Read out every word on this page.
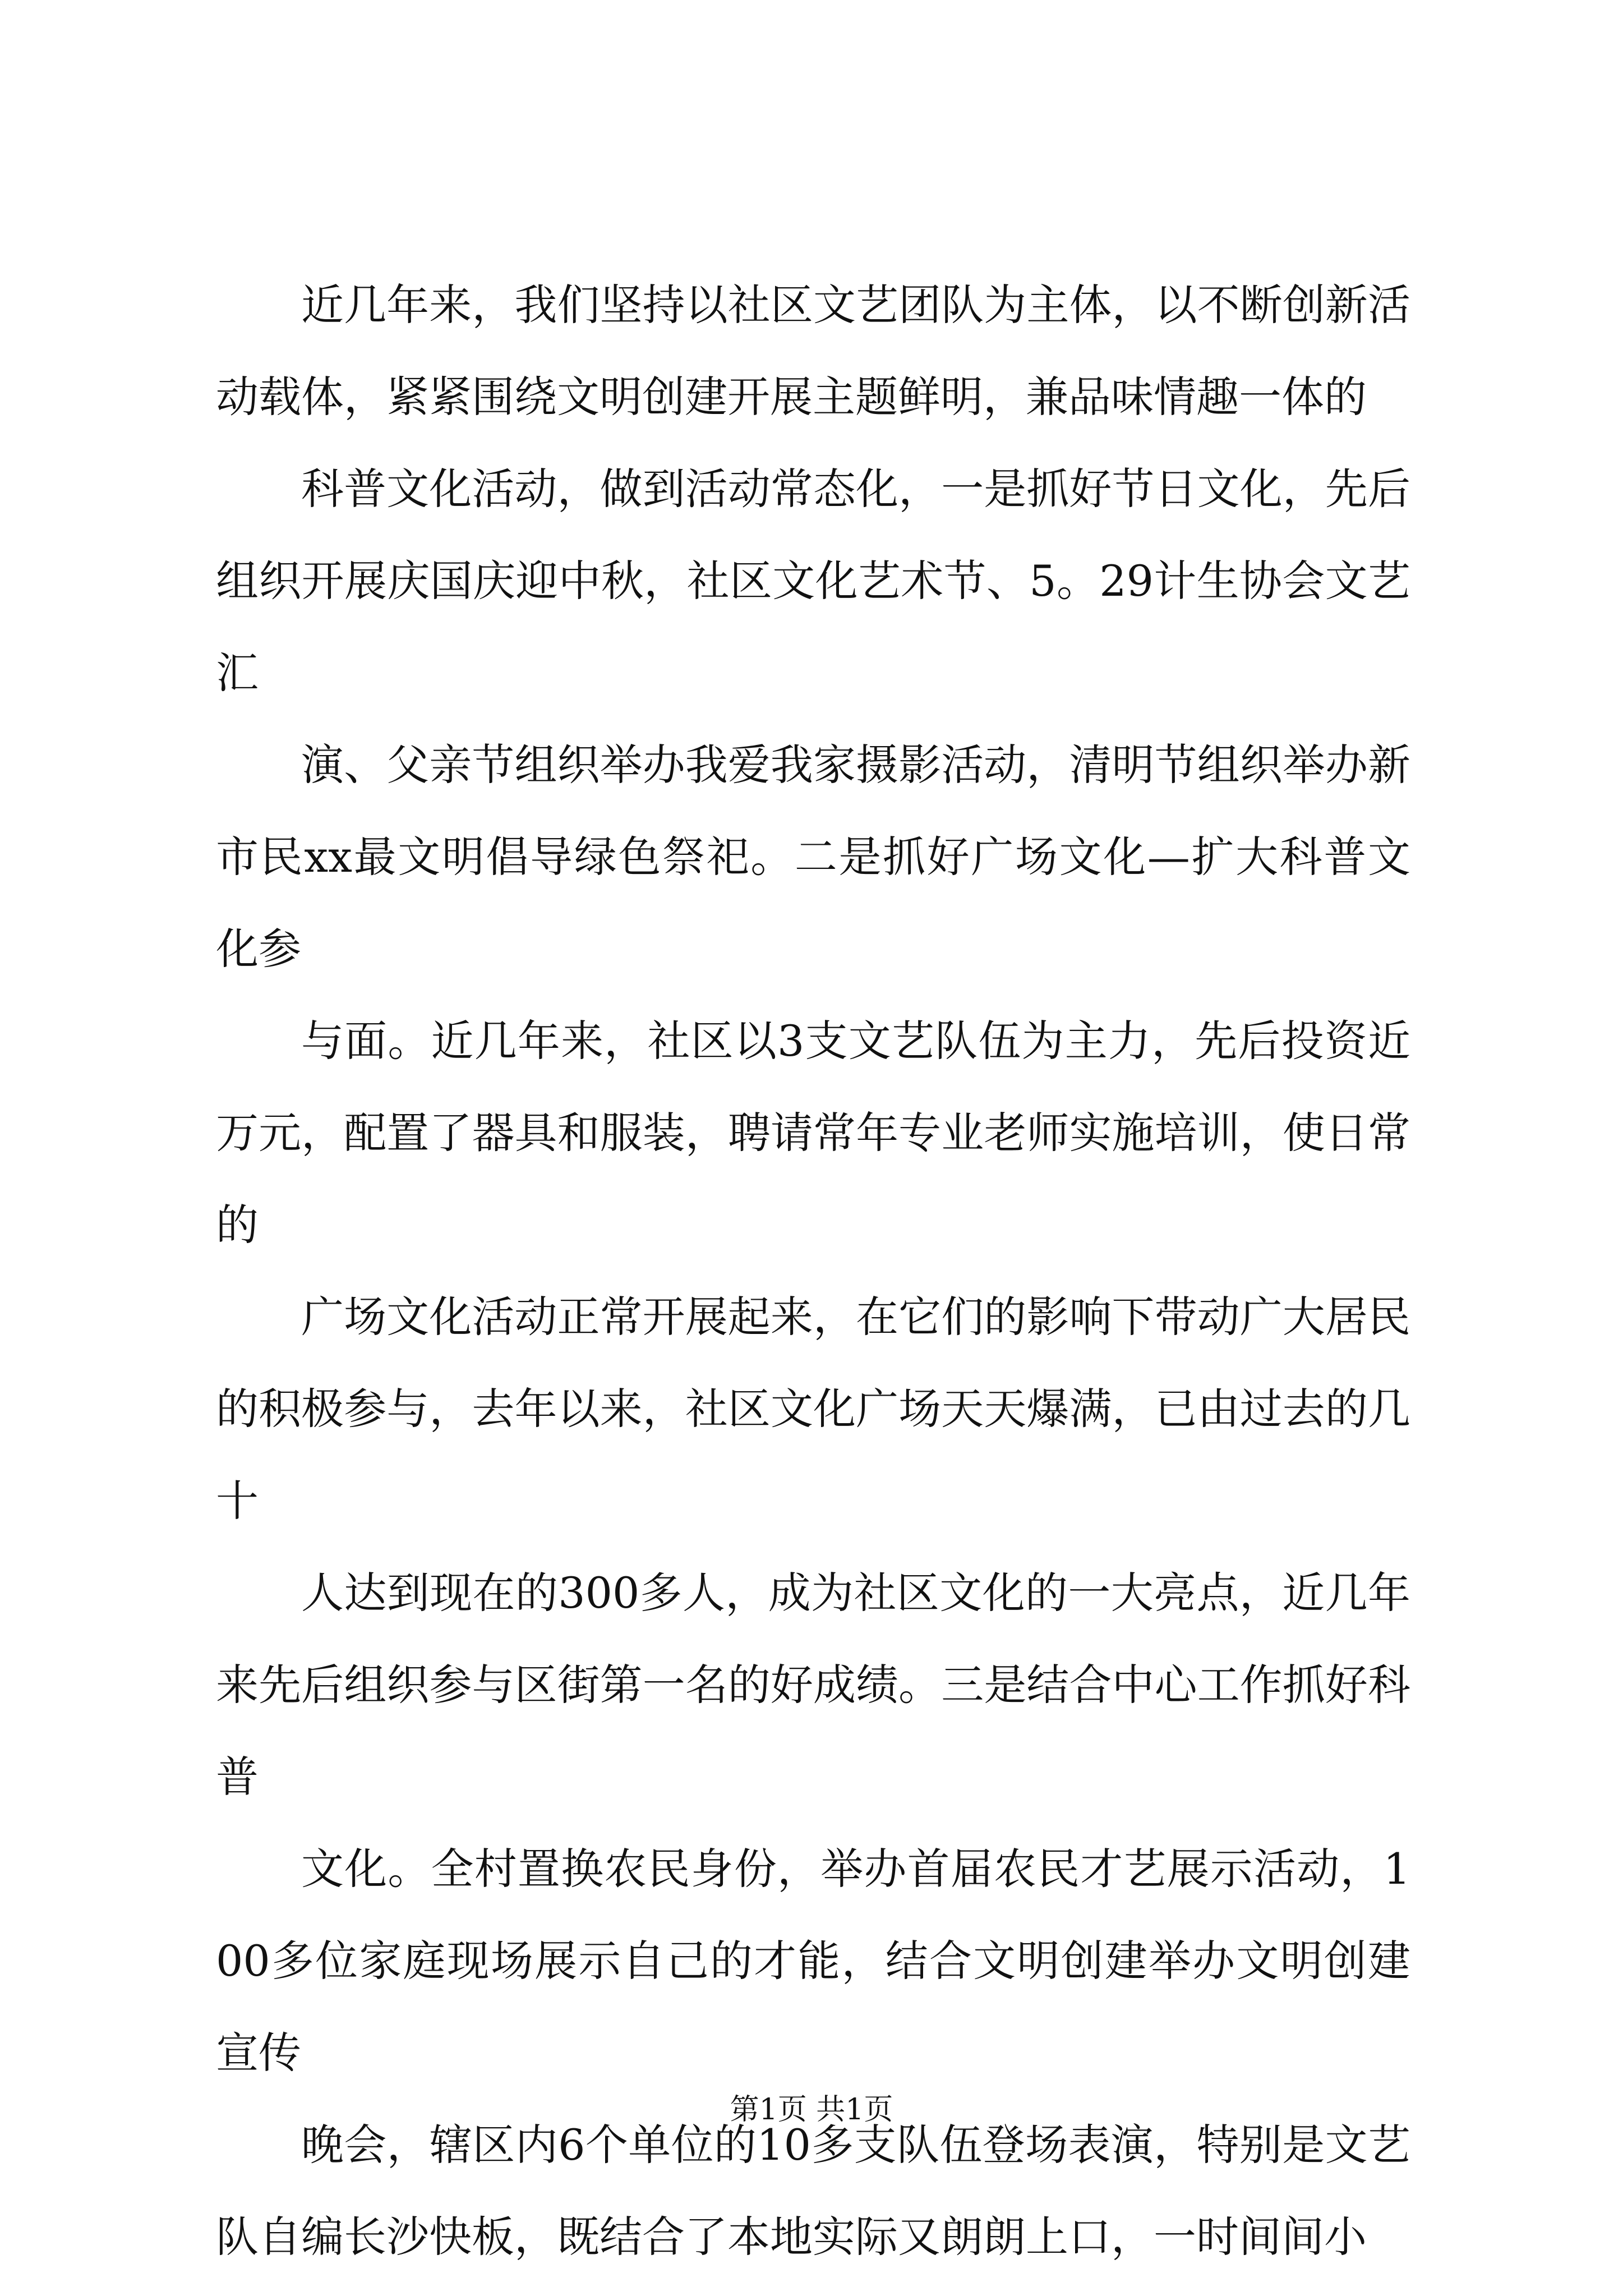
近几年来，我们坚持以社区文艺团队为主体，以不断创新活动载体，紧紧围绕文明创建开展主题鲜明，兼品味情趣一体的

科普文化活动，做到活动常态化，一是抓好节日文化，先后组织开展庆国庆迎中秋，社区文化艺术节、5。29计生协会文艺汇

演、父亲节组织举办我爱我家摄影活动，清明节组织举办新市民xx最文明倡导绿色祭祀。二是抓好广场文化—扩大科普文化参

与面。近几年来，社区以3支文艺队伍为主力，先后投资近万元，配置了器具和服装，聘请常年专业老师实施培训，使日常的

广场文化活动正常开展起来，在它们的影响下带动广大居民的积极参与，去年以来，社区文化广场天天爆满，已由过去的几十

人达到现在的300多人，成为社区文化的一大亮点，近几年来先后组织参与区街第一名的好成绩。三是结合中心工作抓好科普

文化。全村置换农民身份，举办首届农民才艺展示活动，100多位家庭现场展示自己的才能，结合文明创建举办文明创建宣传

晚会，辖区内6个单位的10多支队伍登场表演，特别是文艺队自编长沙快板，既结合了本地实际又朗朗上口，一时间间小

第1页 共1页
